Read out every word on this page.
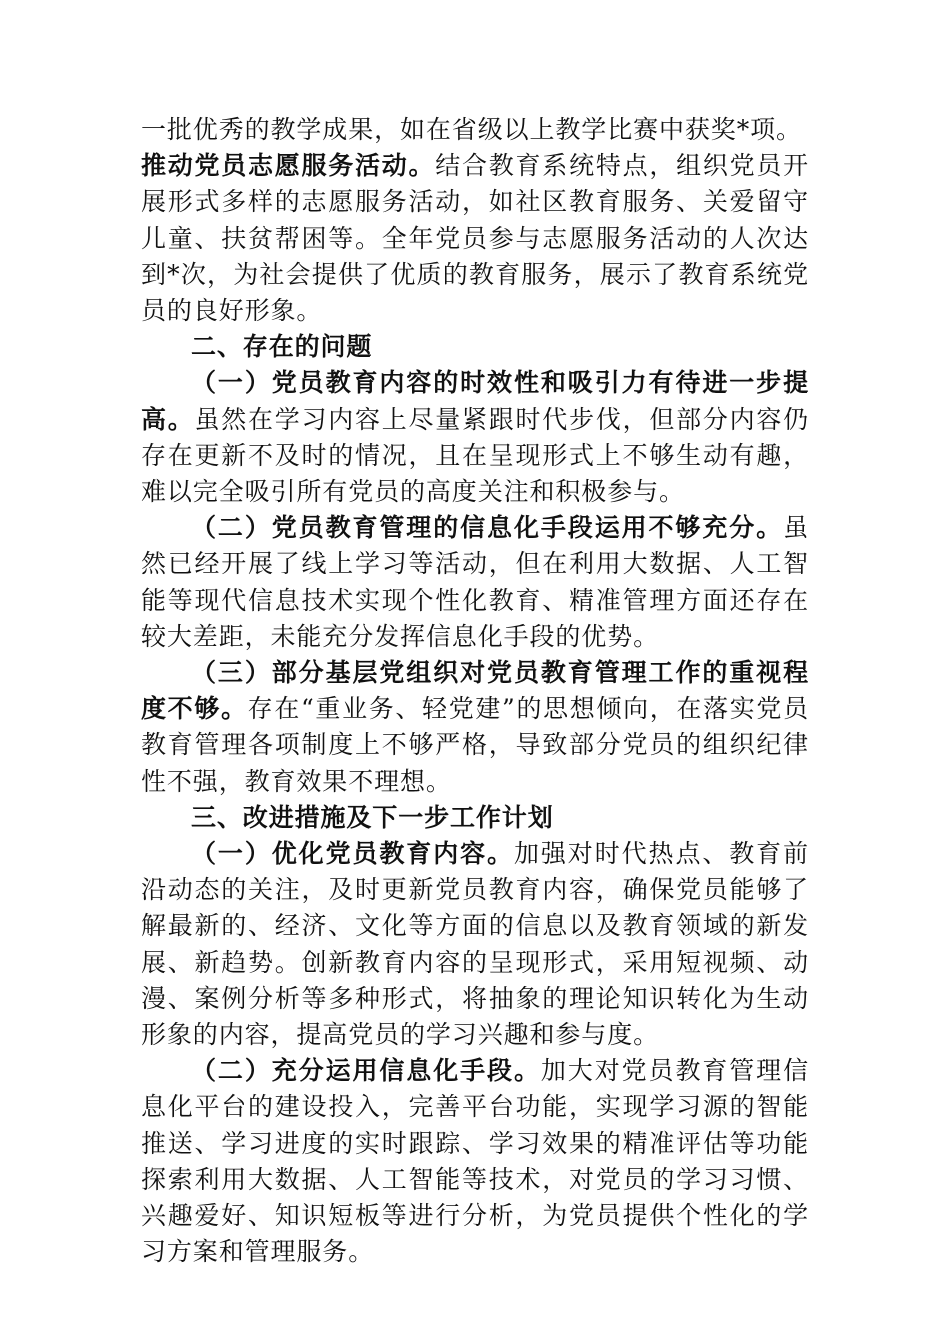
一批优秀的教学成果，如在省级以上教学比赛中获奖*项。

推动党员志愿服务活动。结合教育系统特点，组织党员开展形式多样的志愿服务活动，如社区教育服务、关爱留守儿童、扶贫帮困等。全年党员参与志愿服务活动的人次达到*次，为社会提供了优质的教育服务，展示了教育系统党员的良好形象。

二、存在的问题

（一）党员教育内容的时效性和吸引力有待进一步提高。虽然在学习内容上尽量紧跟时代步伐，但部分内容仍存在更新不及时的情况，且在呈现形式上不够生动有趣，难以完全吸引所有党员的高度关注和积极参与。

（二）党员教育管理的信息化手段运用不够充分。虽然已经开展了线上学习等活动，但在利用大数据、人工智能等现代信息技术实现个性化教育、精准管理方面还存在较大差距，未能充分发挥信息化手段的优势。

（三）部分基层党组织对党员教育管理工作的重视程度不够。存在“重业务、轻党建”的思想倾向，在落实党员教育管理各项制度上不够严格，导致部分党员的组织纪律性不强，教育效果不理想。

三、改进措施及下一步工作计划

（一）优化党员教育内容。加强对时代热点、教育前沿动态的关注，及时更新党员教育内容，确保党员能够了解最新的、经济、文化等方面的信息以及教育领域的新发展、新趋势。创新教育内容的呈现形式，采用短视频、动漫、案例分析等多种形式，将抽象的理论知识转化为生动形象的内容，提高党员的学习兴趣和参与度。

（二）充分运用信息化手段。加大对党员教育管理信息化平台的建设投入，完善平台功能，实现学习源的智能推送、学习进度的实时跟踪、学习效果的精准评估等功能探索利用大数据、人工智能等技术，对党员的学习习惯、兴趣爱好、知识短板等进行分析，为党员提供个性化的学习方案和管理服务。
